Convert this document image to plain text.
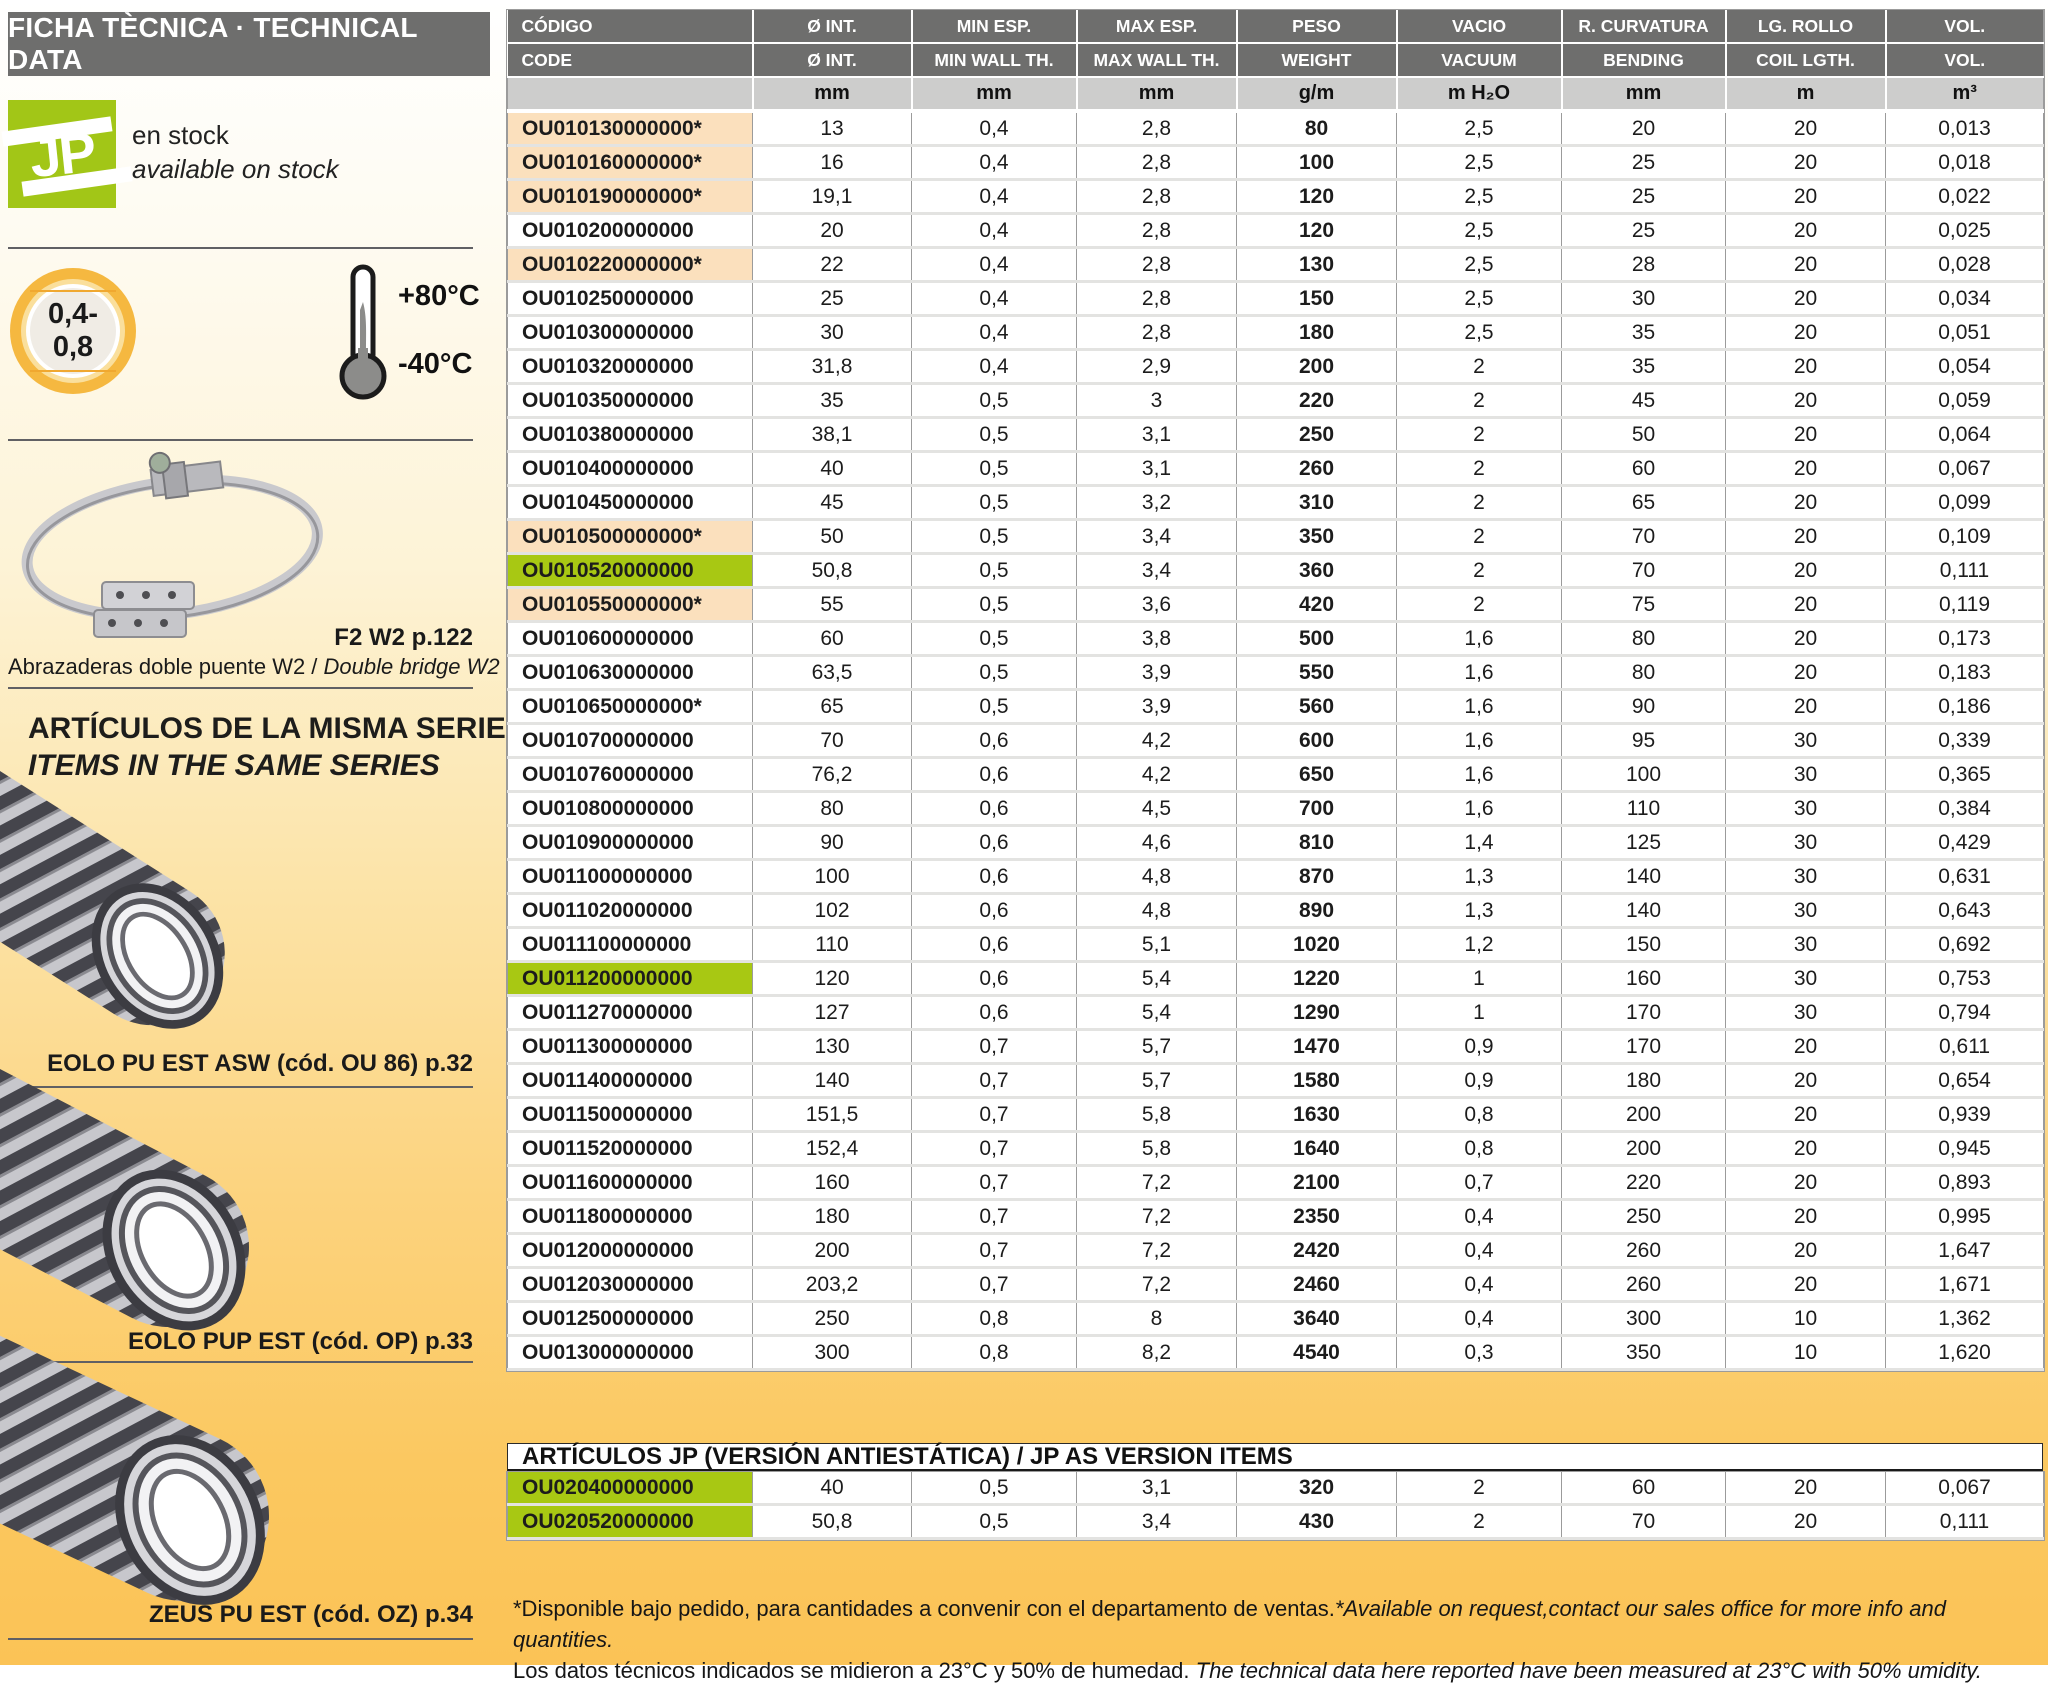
FICHA TÈCNICA · TECHNICAL DATA
JP	en stock
available on stock
0,4-0,8
+80°C
-40°C
F2 W2 p.122
Abrazaderas doble puente W2 / Double bridge W2
ARTÍCULOS DE LA MISMA SERIE
ITEMS IN THE SAME SERIES
EOLO PU EST ASW (cód. OU 86) p.32
EOLO PUP EST (cód. OP) p.33
ZEUS PU EST (cód. OZ) p.34
CÓDIGO	Ø INT.	MIN ESP.	MAX ESP.	PESO	VACIO	R. CURVATURA	LG. ROLLO	VOL.
CODE	Ø INT.	MIN WALL TH.	MAX WALL TH.	WEIGHT	VACUUM	BENDING	COIL LGTH.	VOL.
	mm	mm	mm	g/m	m H₂O	mm	m	m³
OU010130000000*	13	0,4	2,8	80	2,5	20	20	0,013
OU010160000000*	16	0,4	2,8	100	2,5	25	20	0,018
OU010190000000*	19,1	0,4	2,8	120	2,5	25	20	0,022
OU010200000000	20	0,4	2,8	120	2,5	25	20	0,025
OU010220000000*	22	0,4	2,8	130	2,5	28	20	0,028
OU010250000000	25	0,4	2,8	150	2,5	30	20	0,034
OU010300000000	30	0,4	2,8	180	2,5	35	20	0,051
OU010320000000	31,8	0,4	2,9	200	2	35	20	0,054
OU010350000000	35	0,5	3	220	2	45	20	0,059
OU010380000000	38,1	0,5	3,1	250	2	50	20	0,064
OU010400000000	40	0,5	3,1	260	2	60	20	0,067
OU010450000000	45	0,5	3,2	310	2	65	20	0,099
OU010500000000*	50	0,5	3,4	350	2	70	20	0,109
OU010520000000	50,8	0,5	3,4	360	2	70	20	0,111
OU010550000000*	55	0,5	3,6	420	2	75	20	0,119
OU010600000000	60	0,5	3,8	500	1,6	80	20	0,173
OU010630000000	63,5	0,5	3,9	550	1,6	80	20	0,183
OU010650000000*	65	0,5	3,9	560	1,6	90	20	0,186
OU010700000000	70	0,6	4,2	600	1,6	95	30	0,339
OU010760000000	76,2	0,6	4,2	650	1,6	100	30	0,365
OU010800000000	80	0,6	4,5	700	1,6	110	30	0,384
OU010900000000	90	0,6	4,6	810	1,4	125	30	0,429
OU011000000000	100	0,6	4,8	870	1,3	140	30	0,631
OU011020000000	102	0,6	4,8	890	1,3	140	30	0,643
OU011100000000	110	0,6	5,1	1020	1,2	150	30	0,692
OU011200000000	120	0,6	5,4	1220	1	160	30	0,753
OU011270000000	127	0,6	5,4	1290	1	170	30	0,794
OU011300000000	130	0,7	5,7	1470	0,9	170	20	0,611
OU011400000000	140	0,7	5,7	1580	0,9	180	20	0,654
OU011500000000	151,5	0,7	5,8	1630	0,8	200	20	0,939
OU011520000000	152,4	0,7	5,8	1640	0,8	200	20	0,945
OU011600000000	160	0,7	7,2	2100	0,7	220	20	0,893
OU011800000000	180	0,7	7,2	2350	0,4	250	20	0,995
OU012000000000	200	0,7	7,2	2420	0,4	260	20	1,647
OU012030000000	203,2	0,7	7,2	2460	0,4	260	20	1,671
OU012500000000	250	0,8	8	3640	0,4	300	10	1,362
OU013000000000	300	0,8	8,2	4540	0,3	350	10	1,620
ARTÍCULOS JP (VERSIÓN ANTIESTÁTICA) / JP AS VERSION ITEMS
OU020400000000	40	0,5	3,1	320	2	60	20	0,067
OU020520000000	50,8	0,5	3,4	430	2	70	20	0,111
*Disponible bajo pedido, para cantidades a convenir con el departamento de ventas.*Available on request,contact our sales office for more info and quantities.
Los datos técnicos indicados se midieron a 23°C y 50% de humedad. The technical data here reported have been measured at 23°C with 50% umidity.
